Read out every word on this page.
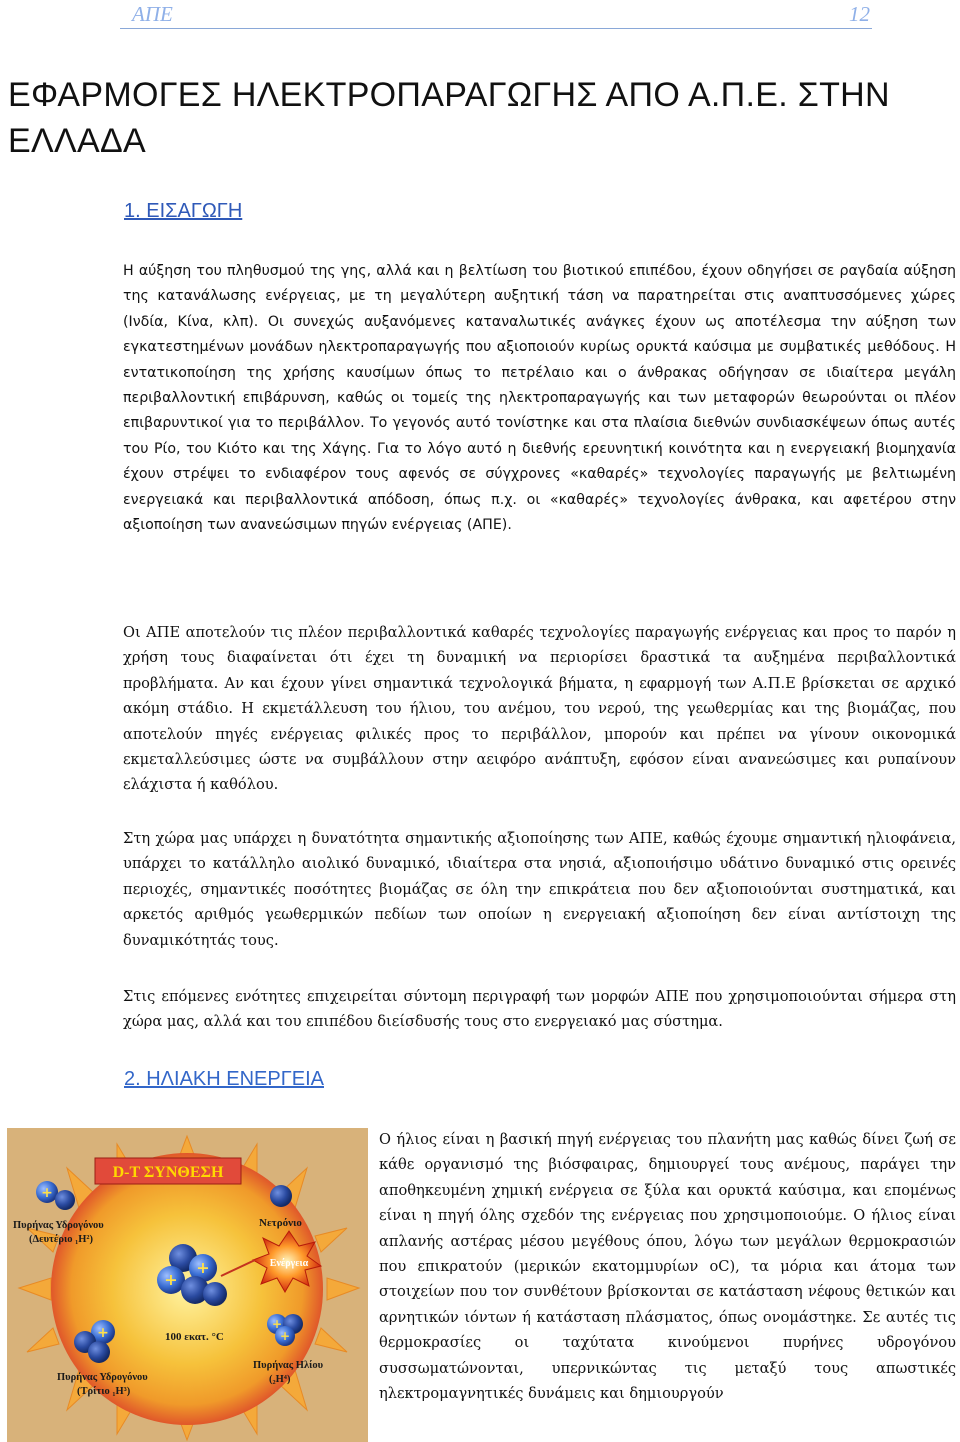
ΑΠΕ	12
ΕΦΑΡΜΟΓΕΣ ΗΛΕΚΤΡΟΠΑΡΑΓΩΓΗΣ ΑΠΟ Α.Π.Ε. ΣΤΗΝ ΕΛΛΑΔΑ
1. ΕΙΣΑΓΩΓΗ

Η αύξηση του πληθυσμού της γης, αλλά και η βελτίωση του βιοτικού επιπέδου, έχουν οδηγήσει σε ραγδαία αύξηση της κατανάλωσης ενέργειας, με τη μεγαλύτερη αυξητική τάση να παρατηρείται στις αναπτυσσόμενες χώρες (Ινδία, Κίνα, κλπ). Οι συνεχώς αυξανόμενες καταναλωτικές ανάγκες έχουν ως αποτέλεσμα την αύξηση των εγκατεστημένων μονάδων ηλεκτροπαραγωγής που αξιοποιούν κυρίως ορυκτά καύσιμα με συμβατικές μεθόδους. Η εντατικοποίηση της χρήσης καυσίμων όπως το πετρέλαιο και ο άνθρακας οδήγησαν σε ιδιαίτερα μεγάλη περιβαλλοντική επιβάρυνση, καθώς οι τομείς της ηλεκτροπαραγωγής και των μεταφορών θεωρούνται οι πλέον επιβαρυντικοί για το περιβάλλον. Το γεγονός αυτό τονίστηκε και στα πλαίσια διεθνών συνδιασκέψεων όπως αυτές του Ρίο, του Κιότο και της Χάγης. Για το λόγο αυτό η διεθνής ερευνητική κοινότητα και η ενεργειακή βιομηχανία έχουν στρέψει το ενδιαφέρον τους αφενός σε σύγχρονες «καθαρές» τεχνολογίες παραγωγής με βελτιωμένη ενεργειακά και περιβαλλοντικά απόδοση, όπως π.χ. οι «καθαρές» τεχνολογίες άνθρακα, και αφετέρου στην αξιοποίηση των ανανεώσιμων πηγών ενέργειας (ΑΠΕ).

Οι ΑΠΕ αποτελούν τις πλέον περιβαλλοντικά καθαρές τεχνολογίες παραγωγής ενέργειας και προς το παρόν η χρήση τους διαφαίνεται ότι έχει τη δυναμική να περιορίσει δραστικά τα αυξημένα περιβαλλοντικά προβλήματα. Αν και έχουν γίνει σημαντικά τεχνολογικά βήματα, η εφαρμογή των Α.Π.Ε βρίσκεται σε αρχικό ακόμη στάδιο. Η εκμετάλλευση του ήλιου, του ανέμου, του νερού, της γεωθερμίας και της βιομάζας, που αποτελούν πηγές ενέργειας φιλικές προς το περιβάλλον, μπορούν και πρέπει να γίνουν οικονομικά εκμεταλλεύσιμες ώστε να συμβάλλουν στην αειφόρο ανάπτυξη, εφόσον είναι ανανεώσιμες και ρυπαίνουν ελάχιστα ή καθόλου.

Στη χώρα μας υπάρχει η δυνατότητα σημαντικής αξιοποίησης των ΑΠΕ, καθώς έχουμε σημαντική ηλιοφάνεια, υπάρχει το κατάλληλο αιολικό δυναμικό, ιδιαίτερα στα νησιά, αξιοποιήσιμο υδάτινο δυναμικό στις ορεινές περιοχές, σημαντικές ποσότητες βιομάζας σε όλη την επικράτεια που δεν αξιοποιούνται συστηματικά, και αρκετός αριθμός γεωθερμικών πεδίων των οποίων η ενεργειακή αξιοποίηση δεν είναι αντίστοιχη της δυναμικότητάς τους.

Στις επόμενες ενότητες επιχειρείται σύντομη περιγραφή των μορφών ΑΠΕ που χρησιμοποιούνται σήμερα στη χώρα μας, αλλά και του επιπέδου διείσδυσής τους στο ενεργειακό μας σύστημα.

2. ΗΛΙΑΚΗ ΕΝΕΡΓΕΙΑ
D-T ΣΥΝΘΕΣΗ
+
Πυρήνας Υδρογόνου
(Δευτέριο ₁H²)
Νετρόνιο
Ενέργεια
+
+
+	100 εκατ. °C
+
+
Πυρήνας Υδρογόνου
(Τρίτιο ₁H³)
Πυρήνας Ηλίου
(₂H⁴)

Ο ήλιος είναι η βασική πηγή ενέργειας του πλανήτη μας καθώς δίνει ζωή σε κάθε οργανισμό της βιόσφαιρας, δημιουργεί τους ανέμους, παράγει την αποθηκευμένη χημική ενέργεια σε ξύλα και ορυκτά καύσιμα, και επομένως είναι η πηγή όλης σχεδόν της ενέργειας που χρησιμοποιούμε. Ο ήλιος είναι απλανής αστέρας μέσου μεγέθους όπου, λόγω των μεγάλων θερμοκρασιών που επικρατούν (μερικών εκατομμυρίων oC), τα μόρια και άτομα των στοιχείων που τον συνθέτουν βρίσκονται σε κατάσταση νέφους θετικών και αρνητικών ιόντων ή κατάσταση πλάσματος, όπως ονομάστηκε. Σε αυτές τις θερμοκρασίες οι ταχύτατα κινούμενοι πυρήνες υδρογόνου συσσωματώνονται, υπερνικώντας τις μεταξύ τους απωστικές ηλεκτρομαγνητικές δυνάμεις και δημιουργούν
